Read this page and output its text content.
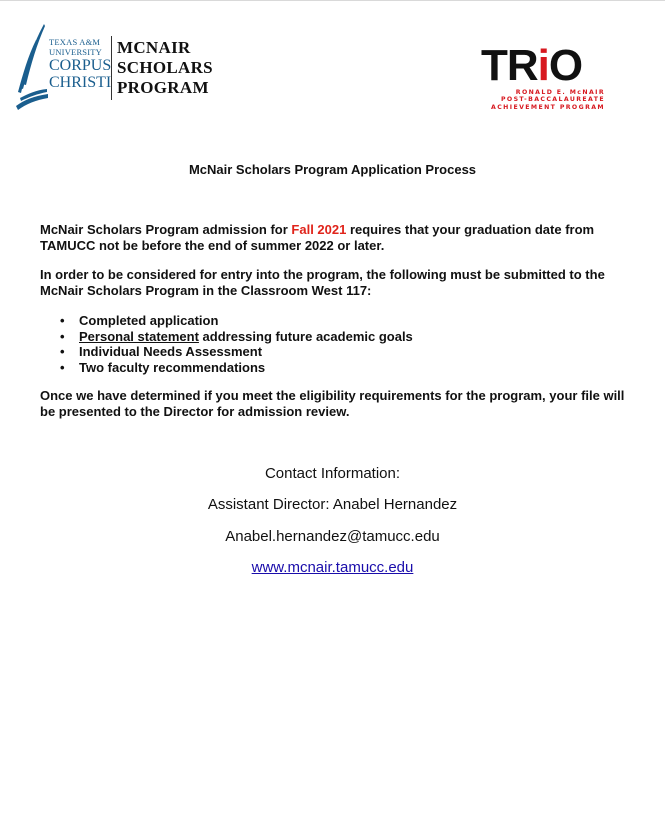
TEXAS A&M
UNIVERSITY
CORPUS
CHRISTI
MCNAIR
SCHOLARS
PROGRAM	TRiO
RONALD E. McNAIR
POST-BACCALAUREATE
ACHIEVEMENT PROGRAM
McNair Scholars Program Application Process
McNair Scholars Program admission for Fall 2021 requires that your graduation date from TAMUCC not be before the end of summer 2022 or later.
In order to be considered for entry into the program, the following must be submitted to the McNair Scholars Program in the Classroom West 117:
• Completed application
• Personal statement addressing future academic goals
• Individual Needs Assessment
• Two faculty recommendations
Once we have determined if you meet the eligibility requirements for the program, your file will be presented to the Director for admission review.
Contact Information:
Assistant Director: Anabel Hernandez
Anabel.hernandez@tamucc.edu
www.mcnair.tamucc.edu
